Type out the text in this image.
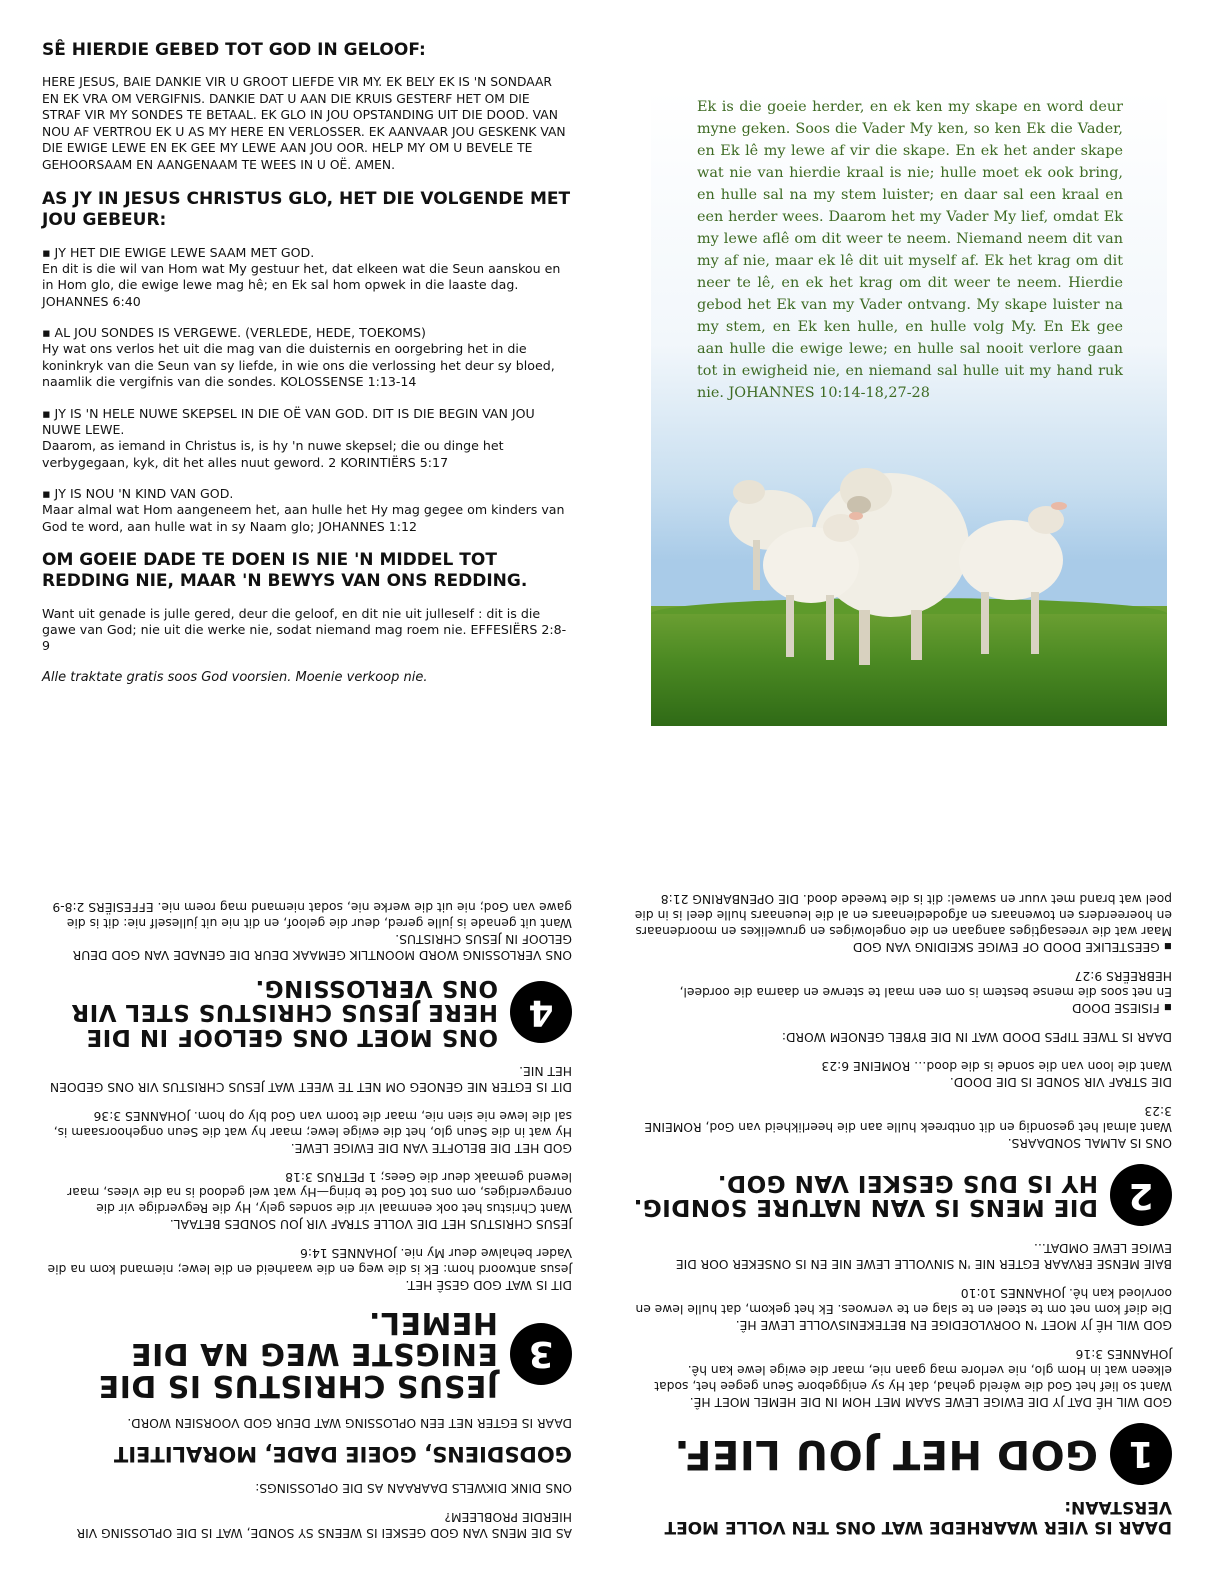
SÊ HIERDIE GEBED TOT GOD IN GELOOF:

HERE JESUS, BAIE DANKIE VIR U GROOT LIEFDE VIR MY. EK BELY EK IS 'N SONDAAR EN EK VRA OM VERGIFNIS. DANKIE DAT U AAN DIE KRUIS GESTERF HET OM DIE STRAF VIR MY SONDES TE BETAAL. EK GLO IN JOU OPSTANDING UIT DIE DOOD. VAN NOU AF VERTROU EK U AS MY HERE EN VERLOSSER. EK AANVAAR JOU GESKENK VAN DIE EWIGE LEWE EN EK GEE MY LEWE AAN JOU OOR. HELP MY OM U BEVELE TE GEHOORSAAM EN AANGENAAM TE WEES IN U OË. AMEN.

AS JY IN JESUS CHRISTUS GLO, HET DIE VOLGENDE MET JOU GEBEUR:
▪ JY HET DIE EWIGE LEWE SAAM MET GOD.
En dit is die wil van Hom wat My gestuur het, dat elkeen wat die Seun aanskou en in Hom glo, die ewige lewe mag hê; en Ek sal hom opwek in die laaste dag. JOHANNES 6:40
▪ AL JOU SONDES IS VERGEWE. (VERLEDE, HEDE, TOEKOMS)
Hy wat ons verlos het uit die mag van die duisternis en oorgebring het in die koninkryk van die Seun van sy liefde, in wie ons die verlossing het deur sy bloed, naamlik die vergifnis van die sondes. KOLOSSENSE 1:13-14
▪ JY IS 'N HELE NUWE SKEPSEL IN DIE OË VAN GOD. DIT IS DIE BEGIN VAN JOU NUWE LEWE.
Daarom, as iemand in Christus is, is hy 'n nuwe skepsel; die ou dinge het verbygegaan, kyk, dit het alles nuut geword. 2 KORINTIËRS 5:17
▪ JY IS NOU 'N KIND VAN GOD.
Maar almal wat Hom aangeneem het, aan hulle het Hy mag gegee om kinders van God te word, aan hulle wat in sy Naam glo; JOHANNES 1:12
OM GOEIE DADE TE DOEN IS NIE 'N MIDDEL TOT REDDING NIE, MAAR 'N BEWYS VAN ONS REDDING.

Want uit genade is julle gered, deur die geloof, en dit nie uit julleself : dit is die gawe van God; nie uit die werke nie, sodat niemand mag roem nie. EFFESIËRS 2:8-9

Alle traktate gratis soos God voorsien. Moenie verkoop nie.

Ek is die goeie herder, en ek ken my skape en word deur myne geken. Soos die Vader My ken, so ken Ek die Vader, en Ek lê my lewe af vir die skape. En ek het ander skape wat nie van hierdie kraal is nie; hulle moet ek ook bring, en hulle sal na my stem luister; en daar sal een kraal en een herder wees. Daarom het my Vader My lief, omdat Ek my lewe aflê om dit weer te neem. Niemand neem dit van my af nie, maar ek lê dit uit myself af. Ek het krag om dit neer te lê, en ek het krag om dit weer te neem. Hierdie gebod het Ek van my Vader ontvang. My skape luister na my stem, en Ek ken hulle, en hulle volg My. En Ek gee aan hulle die ewige lewe; en hulle sal nooit verlore gaan tot in ewigheid nie, en niemand sal hulle uit my hand ruk nie. JOHANNES 10:14-18,27-28

AS DIE MENS VAN GOD GESKEI IS WEENS SY SONDE, WAT IS DIE OPLOSSING VIR HIERDIE PROBLEEM?

ONS DINK DIKWELS DAARAAN AS DIE OPLOSSINGS:

GODSDIENS, GOEIE DADE, MORALITEIT

DAAR IS EGTER NET EEN OPLOSSING WAT DEUR GOD VOORSIEN WORD.

3
JESUS CHRISTUS IS DIE ENIGSTE WEG NA DIE HEMEL.
DIT IS WAT GOD GESÊ HET.
Jesus antwoord hom: Ek is die weg en die waarheid en die lewe; niemand kom na die Vader behalwe deur My nie. JOHANNES 14:6
JESUS CHRISTUS HET DIE VOLLE STRAF VIR JOU SONDES BETAAL.
Want Christus het ook eenmaal vir die sondes gely, Hy die Regverdige vir die onregverdiges, om ons tot God te bring—Hy wat wel gedood is na die vlees, maar lewend gemaak deur die Gees; 1 PETRUS 3:18
GOD HET DIE BELOFTE VAN DIE EWIGE LEWE.
Hy wat in die Seun glo, het die ewige lewe; maar hy wat die Seun ongehoorsaam is, sal die lewe nie sien nie, maar die toorn van God bly op hom. JOHANNES 3:36
DIT IS EGTER NIE GENOEG OM NET TE WEET WAT JESUS CHRISTUS VIR ONS GEDOEN HET NIE.
4
ONS MOET ONS GELOOF IN DIE HERE JESUS CHRISTUS STEL VIR ONS VERLOSSING.
ONS VERLOSSING WORD MOONTLIK GEMAAK DEUR DIE GENADE VAN GOD DEUR GELOOF IN JESUS CHRISTUS.
Want uit genade is julle gered, deur die geloof, en dit nie uit julleself nie: dit is die gawe van God; nie uit die werke nie, sodat niemand mag roem nie. EFFESIËRS 2:8-9

DAAR IS VIER WAARHEDE WAT ONS TEN VOLLE MOET VERSTAAN:

1
GOD HET JOU LIEF.
GOD WIL HÊ DAT JY DIE EWIGE LEWE SAAM MET HOM IN DIE HEMEL MOET HÊ.
Want so lief het God die wêreld gehad, dat Hy sy eniggebore Seun gegee het, sodat elkeen wat in Hom glo, nie verlore mag gaan nie, maar die ewige lewe kan hê. JOHANNES 3:16
GOD WIL HÊ JY MOET 'N OORVLOEDIGE EN BETEKENISVOLLE LEWE HÊ.
Die dief kom net om te steel en te slag en te verwoes. Ek het gekom, dat hulle lewe en oorvloed kan hê. JOHANNES 10:10
BAIE MENSE ERVAAR EGTER NIE 'N SINVOLLE LEWE NIE EN IS ONSEKER OOR DIE EWIGE LEWE OMDAT...
2
DIE MENS IS VAN NATURE SONDIG. HY IS DUS GESKEI VAN GOD.
ONS IS ALMAL SONDAARS.
Want almal het gesondig en dit ontbreek hulle aan die heerlikheid van God, ROMEINE 3:23
DIE STRAF VIR SONDE IS DIE DOOD.
Want die loon van die sonde is die dood… ROMEINE 6:23
DAAR IS TWEE TIPES DOOD WAT IN DIE BYBEL GENOEM WORD:
▪ FISIESE DOOD
En net soos die mense bestem is om een maal te sterwe en daarna die oordeel, HEBREËRS 9:27
▪ GEESTELIKE DOOD OF EWIGE SKEIDING VAN GOD
Maar wat die vreesagtiges aangaan en die ongelowiges en gruwelikes en moordenaars en hoereerders en towenaars en afgodedienaars en al die leuenaars hulle deel is in die poel wat brand met vuur en swawel: dit is die tweede dood. DIE OPENBARING 21:8
